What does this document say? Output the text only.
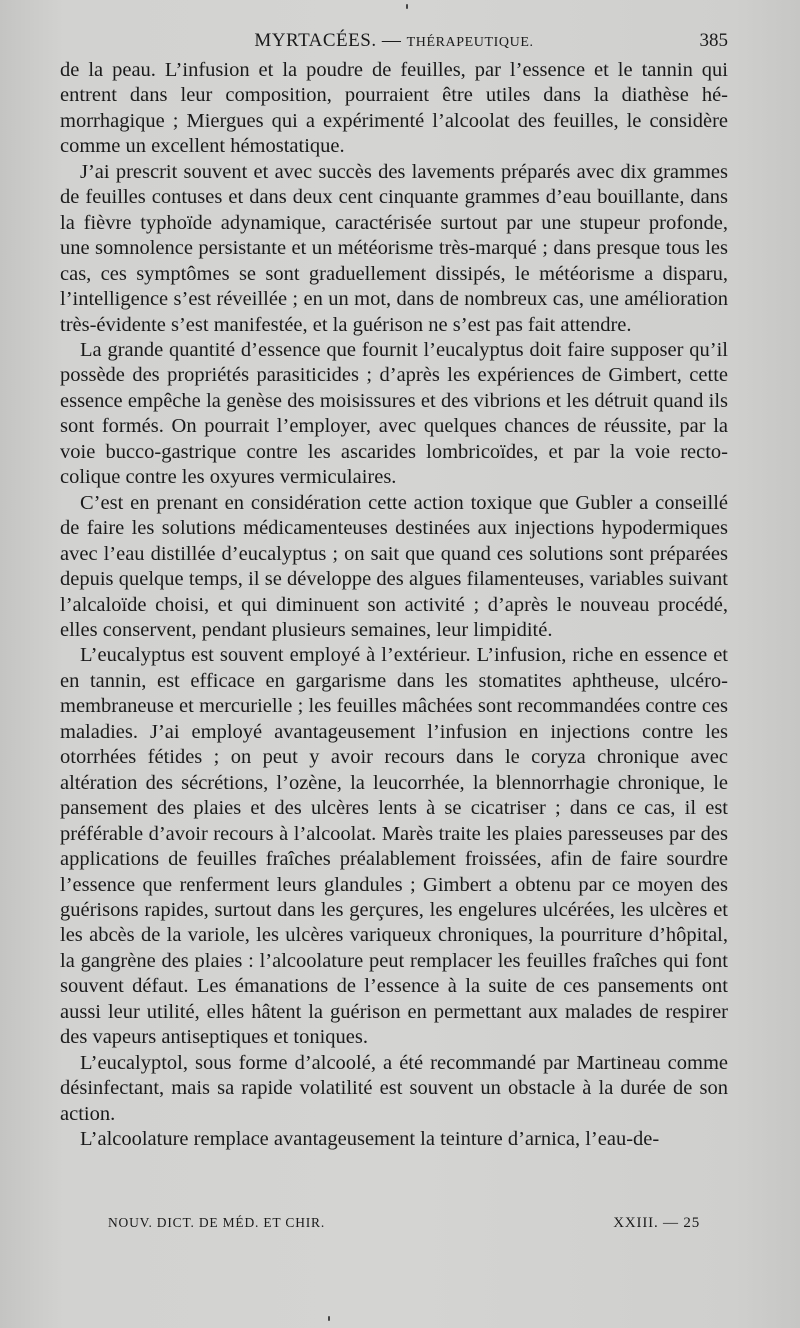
MYRTACÉES. — THÉRAPEUTIQUE.	385

de la peau. L’infusion et la poudre de feuilles, par l’essence et le tannin qui entrent dans leur composition, pourraient être utiles dans la diathèse hémorrhagique ; Miergues qui a expérimenté l’alcoolat des feuilles, le considère comme un excellent hémostatique.

J’ai prescrit souvent et avec succès des lavements préparés avec dix grammes de feuilles contuses et dans deux cent cinquante grammes d’eau bouillante, dans la fièvre typhoïde adynamique, caractérisée surtout par une stupeur profonde, une somnolence persistante et un météorisme très-marqué ; dans presque tous les cas, ces symptômes se sont graduellement dissipés, le météorisme a disparu, l’intelligence s’est réveillée ; en un mot, dans de nombreux cas, une amélioration très-évidente s’est manifestée, et la guérison ne s’est pas fait attendre.

La grande quantité d’essence que fournit l’eucalyptus doit faire supposer qu’il possède des propriétés parasiticides ; d’après les expériences de Gimbert, cette essence empêche la genèse des moisissures et des vibrions et les détruit quand ils sont formés. On pourrait l’employer, avec quelques chances de réussite, par la voie bucco-gastrique contre les ascarides lombricoïdes, et par la voie recto-colique contre les oxyures vermiculaires.

C’est en prenant en considération cette action toxique que Gubler a conseillé de faire les solutions médicamenteuses destinées aux injections hypodermiques avec l’eau distillée d’eucalyptus ; on sait que quand ces solutions sont préparées depuis quelque temps, il se développe des algues filamenteuses, variables suivant l’alcaloïde choisi, et qui diminuent son activité ; d’après le nouveau procédé, elles conservent, pendant plusieurs semaines, leur limpidité.

L’eucalyptus est souvent employé à l’extérieur. L’infusion, riche en essence et en tannin, est efficace en gargarisme dans les stomatites aphtheuse, ulcéro-membraneuse et mercurielle ; les feuilles mâchées sont recommandées contre ces maladies. J’ai employé avantageusement l’infusion en injections contre les otorrhées fétides ; on peut y avoir recours dans le coryza chronique avec altération des sécrétions, l’ozène, la leucorrhée, la blennorrhagie chronique, le pansement des plaies et des ulcères lents à se cicatriser ; dans ce cas, il est préférable d’avoir recours à l’alcoolat. Marès traite les plaies paresseuses par des applications de feuilles fraîches préalablement froissées, afin de faire sourdre l’essence que renferment leurs glandules ; Gimbert a obtenu par ce moyen des guérisons rapides, surtout dans les gerçures, les engelures ulcérées, les ulcères et les abcès de la variole, les ulcères variqueux chroniques, la pourriture d’hôpital, la gangrène des plaies : l’alcoolature peut remplacer les feuilles fraîches qui font souvent défaut. Les émanations de l’essence à la suite de ces pansements ont aussi leur utilité, elles hâtent la guérison en permettant aux malades de respirer des vapeurs antiseptiques et toniques.

L’eucalyptol, sous forme d’alcoolé, a été recommandé par Martineau comme désinfectant, mais sa rapide volatilité est souvent un obstacle à la durée de son action.

L’alcoolature remplace avantageusement la teinture d’arnica, l’eau-de-

NOUV. DICT. DE MÉD. ET CHIR.	XXIII. — 25
